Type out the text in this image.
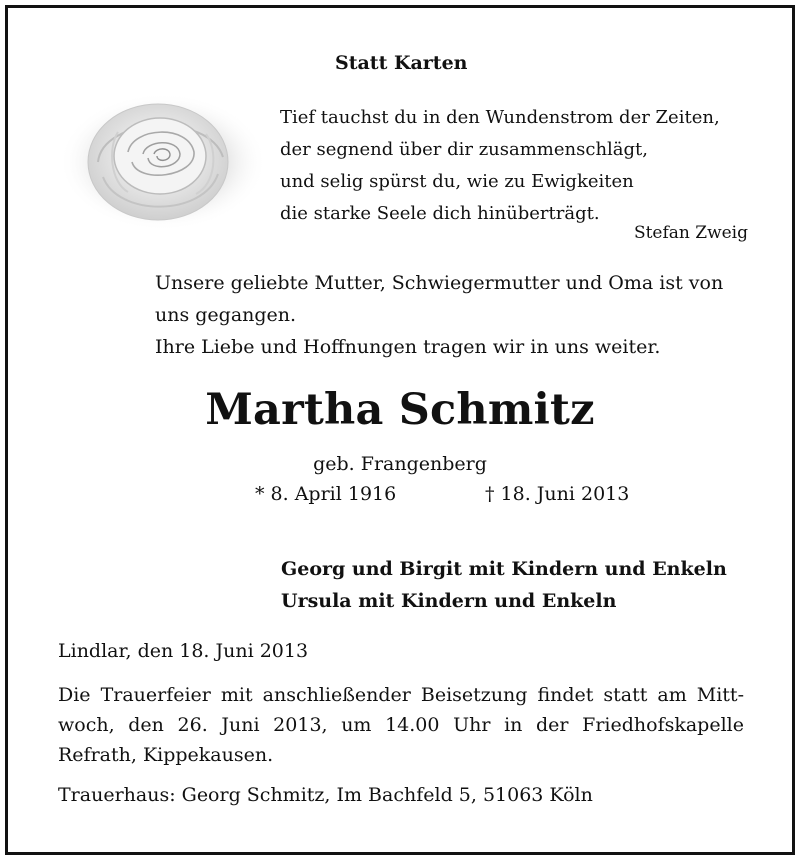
Statt Karten

Tief tauchst du in den Wundenstrom der Zeiten,
der segnend über dir zusammenschlägt,
und selig spürst du, wie zu Ewigkeiten
die starke Seele dich hinüberträgt.

Stefan Zweig

Unsere geliebte Mutter, Schwiegermutter und Oma ist von
uns gegangen.
Ihre Liebe und Hoffnungen tragen wir in uns weiter.

Martha Schmitz

geb. Frangenberg

* 8. April 1916	† 18. Juni 2013

Georg und Birgit mit Kindern und Enkeln
Ursula mit Kindern und Enkeln

Lindlar, den 18. Juni 2013

Die Trauerfeier mit anschließender Beisetzung findet statt am Mitt-
woch, den 26. Juni 2013, um 14.00 Uhr in der Friedhofskapelle
Refrath, Kippekausen.

Trauerhaus: Georg Schmitz, Im Bachfeld 5, 51063 Köln
